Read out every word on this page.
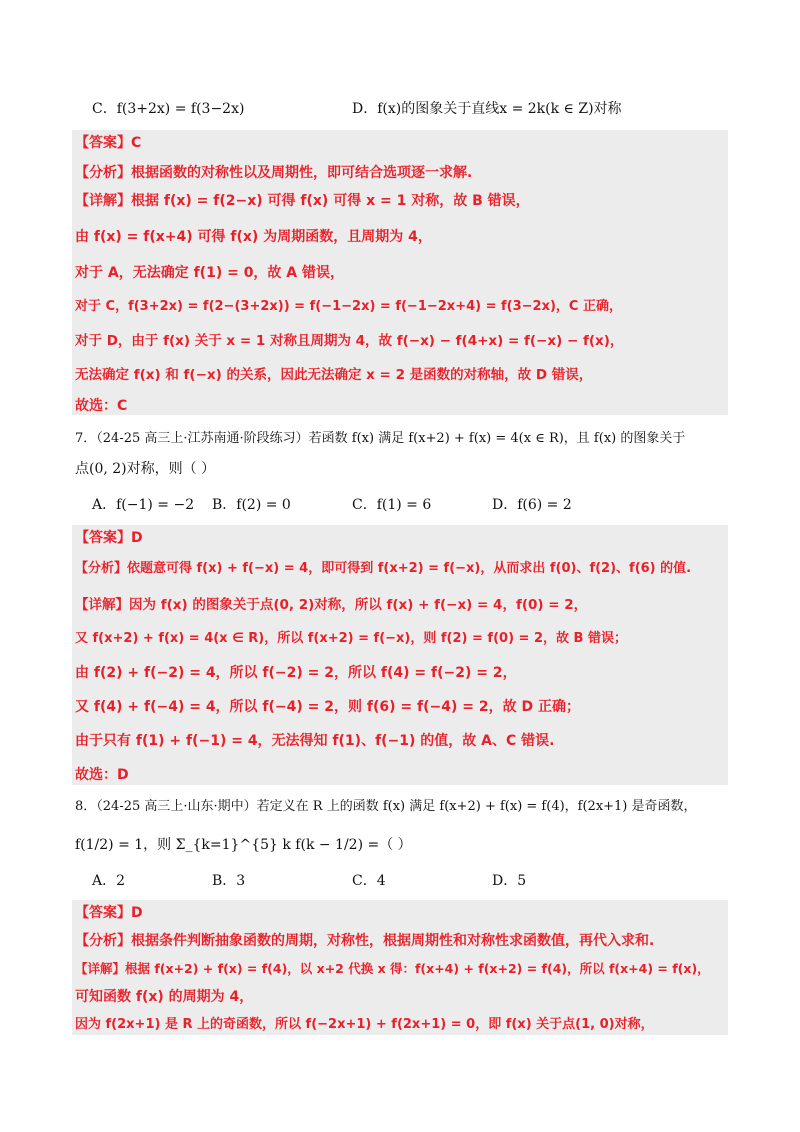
C．f(3+2x) = f(3−2x)	D．f(x)的图象关于直线x = 2k(k ∈ Z)对称
【答案】C
【分析】根据函数的对称性以及周期性，即可结合选项逐一求解.
【详解】根据 f(x) = f(2−x) 可得 f(x) 可得 x = 1 对称，故 B 错误，
由 f(x) = f(x+4) 可得 f(x) 为周期函数，且周期为 4，
对于 A，无法确定 f(1) = 0，故 A 错误，
对于 C，f(3+2x) = f(2−(3+2x)) = f(−1−2x) = f(−1−2x+4) = f(3−2x)，C 正确，
对于 D，由于 f(x) 关于 x = 1 对称且周期为 4，故 f(−x) − f(4+x) = f(−x) − f(x)，
无法确定 f(x) 和 f(−x) 的关系，因此无法确定 x = 2 是函数的对称轴，故 D 错误，
故选：C
7．（24-25 高三上·江苏南通·阶段练习）若函数 f(x) 满足 f(x+2) + f(x) = 4(x ∈ R)，且 f(x) 的图象关于
点(0, 2)对称，则（ ）
A．f(−1) = −2 B．f(2) = 0	C．f(1) = 6	D．f(6) = 2
【答案】D
【分析】依题意可得 f(x) + f(−x) = 4，即可得到 f(x+2) = f(−x)，从而求出 f(0)、f(2)、f(6) 的值.
【详解】因为 f(x) 的图象关于点(0, 2)对称，所以 f(x) + f(−x) = 4，f(0) = 2，
又 f(x+2) + f(x) = 4(x ∈ R)，所以 f(x+2) = f(−x)，则 f(2) = f(0) = 2，故 B 错误；
由 f(2) + f(−2) = 4，所以 f(−2) = 2，所以 f(4) = f(−2) = 2，
又 f(4) + f(−4) = 4，所以 f(−4) = 2，则 f(6) = f(−4) = 2，故 D 正确；
由于只有 f(1) + f(−1) = 4，无法得知 f(1)、f(−1) 的值，故 A、C 错误.
故选：D
8．（24-25 高三上·山东·期中）若定义在 R 上的函数 f(x) 满足 f(x+2) + f(x) = f(4)，f(2x+1) 是奇函数，
f(1/2) = 1，则 Σ_{k=1}^{5} k f(k − 1/2) =（ ）
A．2	B．3	C．4	D．5
【答案】D
【分析】根据条件判断抽象函数的周期，对称性，根据周期性和对称性求函数值，再代入求和.
【详解】根据 f(x+2) + f(x) = f(4)，以 x+2 代换 x 得：f(x+4) + f(x+2) = f(4)，所以 f(x+4) = f(x)，
可知函数 f(x) 的周期为 4，
因为 f(2x+1) 是 R 上的奇函数，所以 f(−2x+1) + f(2x+1) = 0，即 f(x) 关于点(1, 0)对称，
